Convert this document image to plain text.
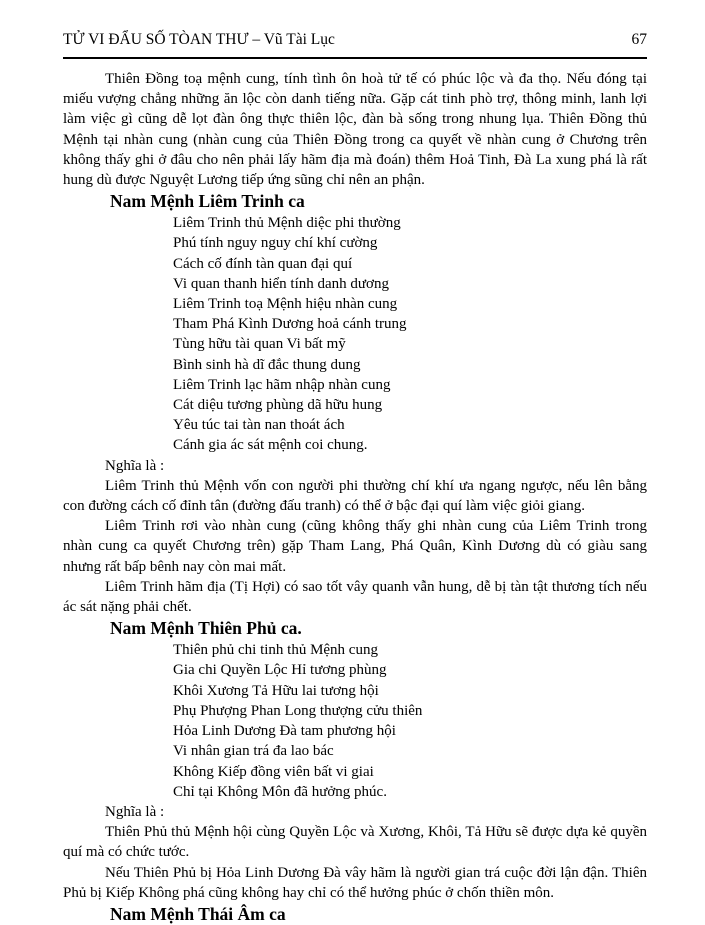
TỬ VI ĐẨU SỐ TÒAN THƯ – Vũ Tài Lục	67

Thiên Đồng toạ mệnh cung, tính tình ôn hoà tử tế có phúc lộc và đa thọ. Nếu đóng tại miếu vượng chẳng những ăn lộc còn danh tiếng nữa. Gặp cát tinh phò trợ, thông minh, lanh lợi làm việc gì cũng dễ lọt đàn ông thực thiên lộc, đàn bà sống trong nhung lụa. Thiên Đồng thủ Mệnh tại nhàn cung (nhàn cung của Thiên Đồng trong ca quyết về nhàn cung ở Chương trên không thấy ghi ở đâu cho nên phải lấy hãm địa mà đoán) thêm Hoả Tinh, Đà La xung phá là rất hung dù được Nguyệt Lương tiếp ứng sũng chỉ nên an phận.

Nam Mệnh Liêm Trinh ca
Liêm Trinh thủ Mệnh diệc phi thường
Phú tính nguy nguy chí khí cường
Cách cố đính tàn quan đại quí
Vi quan thanh hiển tính danh dương
Liêm Trinh toạ Mệnh hiệu nhàn cung
Tham Phá Kình Dương hoả cánh trung
Tùng hữu tài quan Vi bất mỹ
Bình sinh hà dĩ đắc thung dung
Liêm Trinh lạc hãm nhập nhàn cung
Cát diệu tương phùng dã hữu hung
Yêu túc tai tàn nan thoát ách
Cánh gia ác sát mệnh coi chung.

Nghĩa là :

Liêm Trinh thủ Mệnh vốn con người phi thường chí khí ưa ngang ngược, nếu lên bằng con đường cách cố đỉnh tân (đường đấu tranh) có thể ở bậc đại quí làm việc giỏi giang.

Liêm Trinh rơi vào nhàn cung (cũng không thấy ghi nhàn cung của Liêm Trinh trong nhàn cung ca quyết Chương trên) gặp Tham Lang, Phá Quân, Kình Dương dù có giàu sang nhưng rất bấp bênh nay còn mai mất.

Liêm Trinh hãm địa (Tị Hợi) có sao tốt vây quanh vẫn hung, dễ bị tàn tật thương tích nếu ác sát nặng phải chết.

Nam Mệnh Thiên Phủ ca.
Thiên phủ chi tinh thủ Mệnh cung
Gia chi Quyền Lộc Hỉ tương phùng
Khôi Xương Tả Hữu lai tương hội
Phụ Phượng Phan Long thượng cửu thiên
Hỏa Linh Dương Đà tam phương hội
Vi nhân gian trá đa lao bác
Không Kiếp đồng viên bất vi giai
Chỉ tại Không Môn đã hưởng phúc.

Nghĩa là :

Thiên Phủ thủ Mệnh hội cùng Quyền Lộc và Xương, Khôi, Tả Hữu sẽ được dựa kẻ quyền quí mà có chức tước.

Nếu Thiên Phủ bị Hỏa Linh Dương Đà vây hãm là người gian trá cuộc đời lận đận. Thiên Phủ bị Kiếp Không phá cũng không hay chỉ có thể hưởng phúc ở chốn thiền môn.

Nam Mệnh Thái Âm ca
